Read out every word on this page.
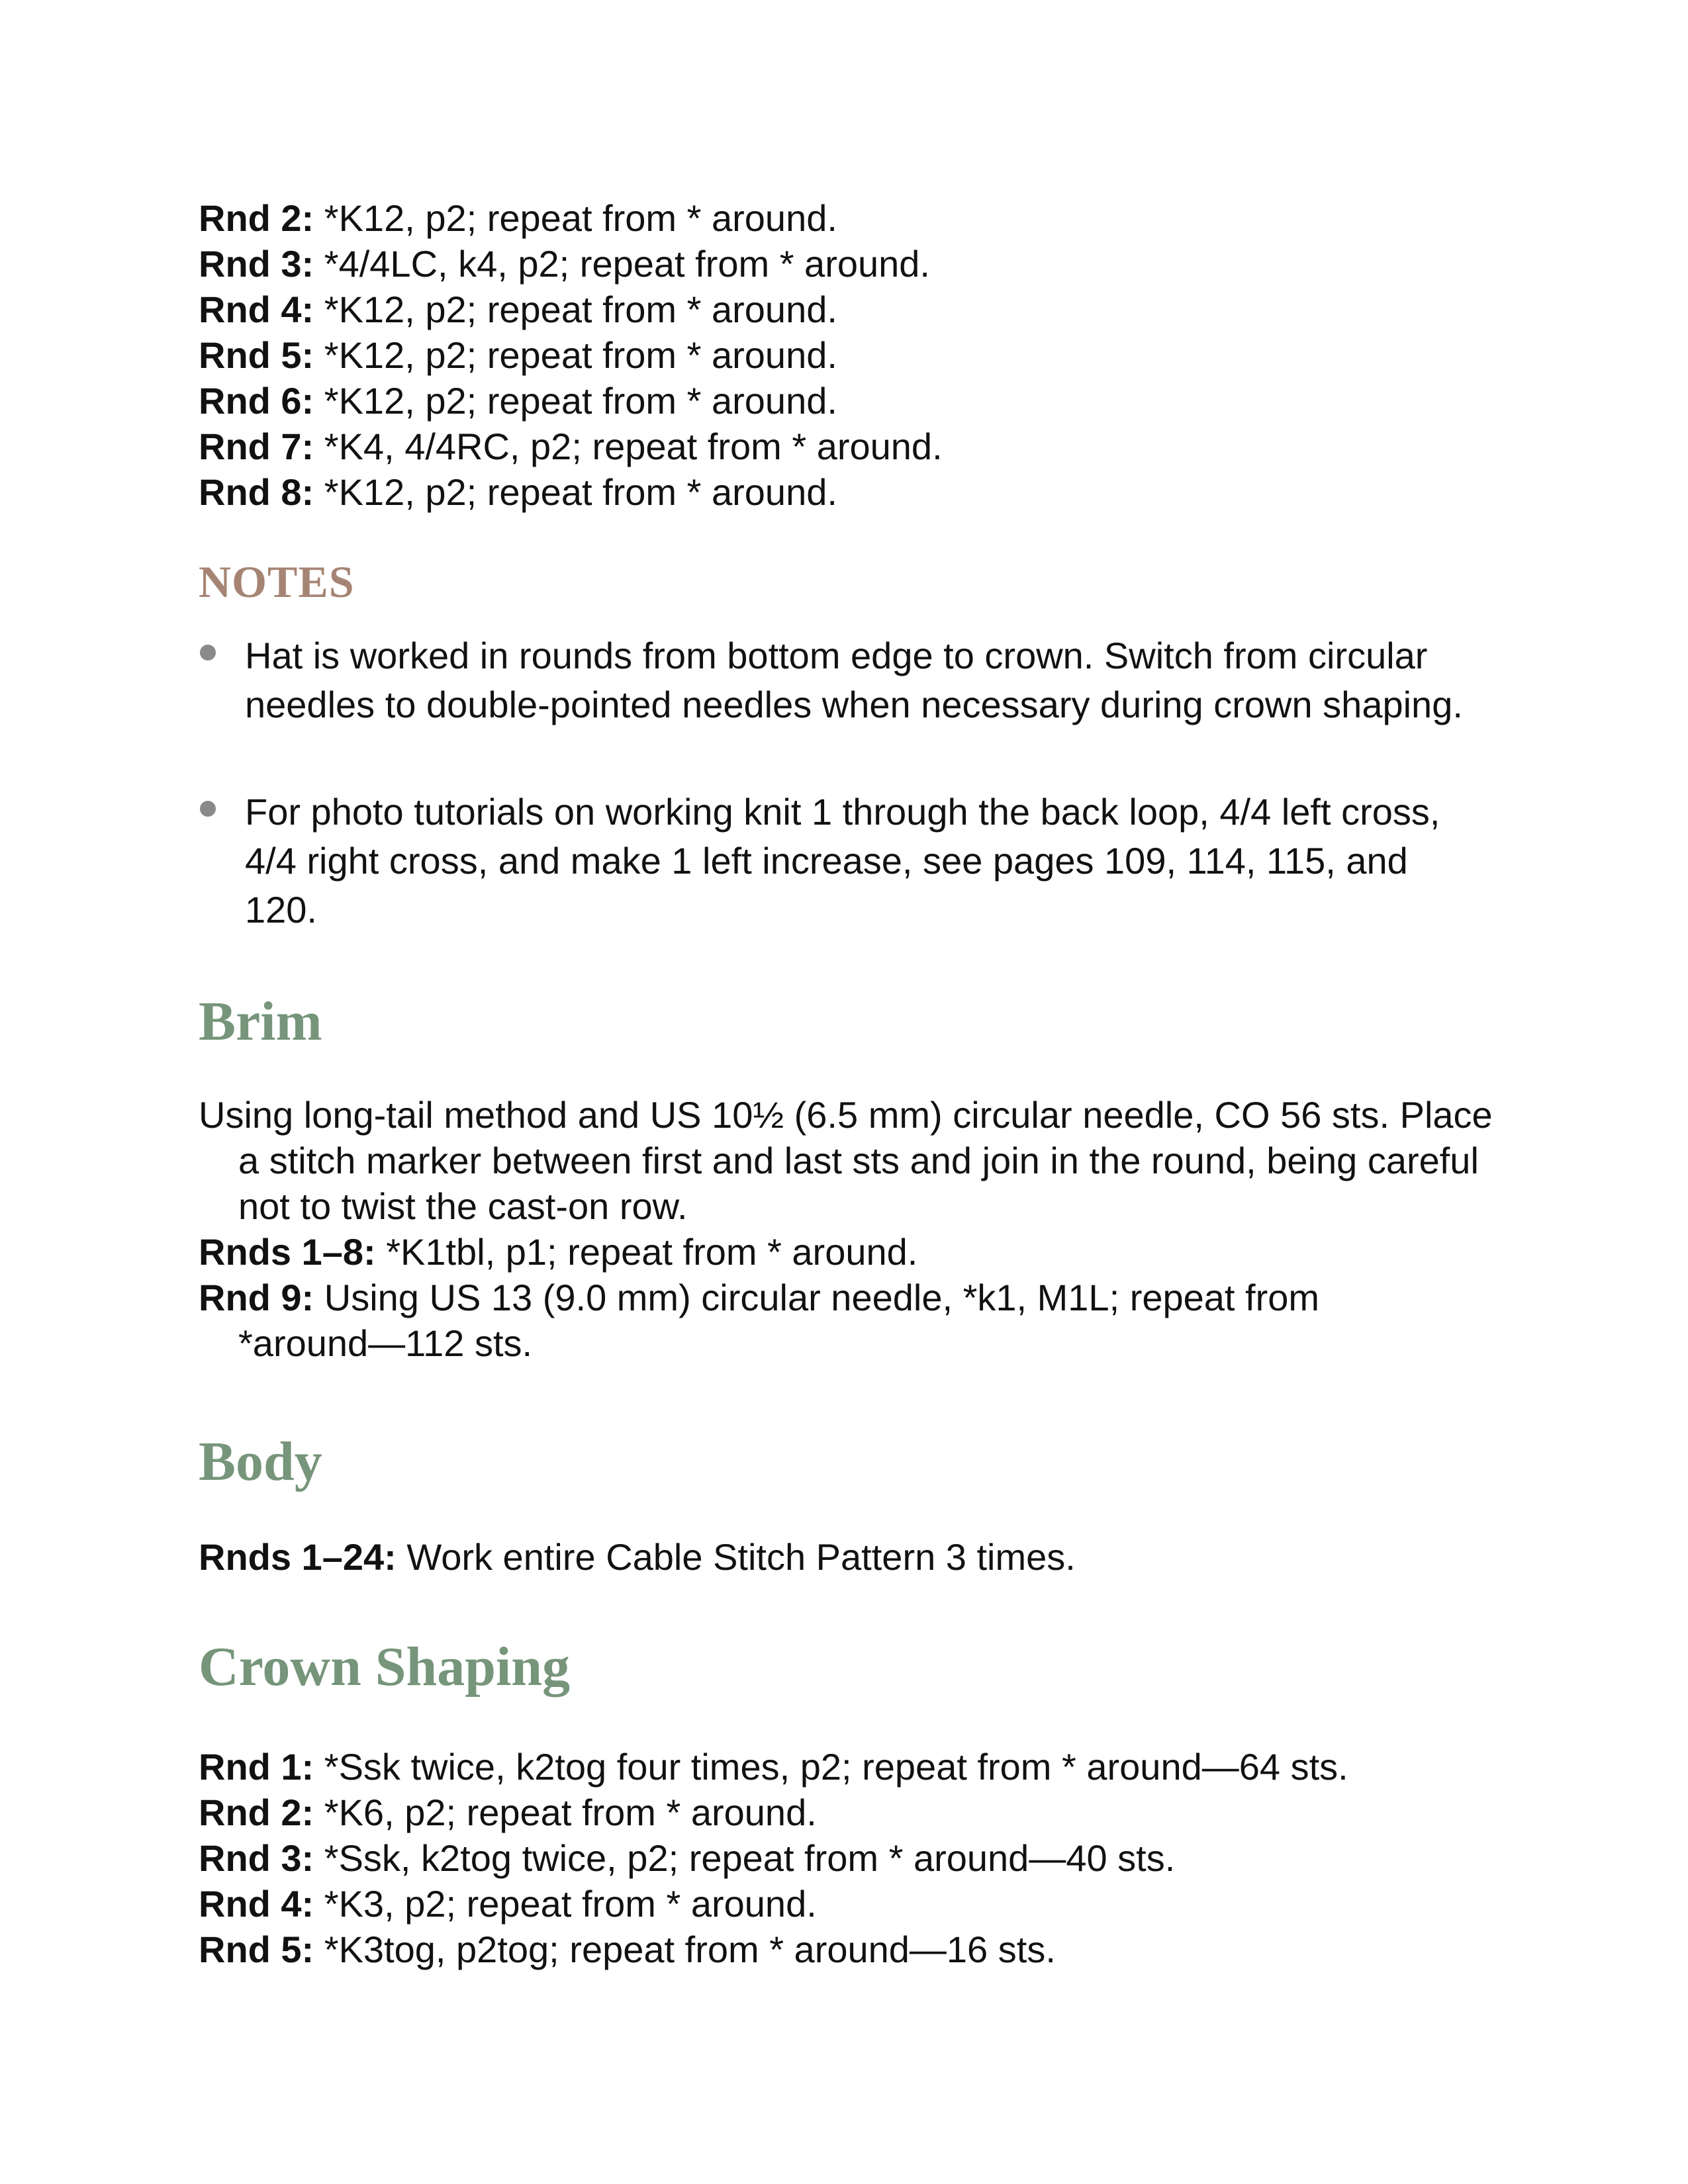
Rnd 2: *K12, p2; repeat from * around.
Rnd 3: *4/4LC, k4, p2; repeat from * around.
Rnd 4: *K12, p2; repeat from * around.
Rnd 5: *K12, p2; repeat from * around.
Rnd 6: *K12, p2; repeat from * around.
Rnd 7: *K4, 4/4RC, p2; repeat from * around.
Rnd 8: *K12, p2; repeat from * around.
NOTES
Hat is worked in rounds from bottom edge to crown. Switch from circular needles to double-pointed needles when necessary during crown shaping.
For photo tutorials on working knit 1 through the back loop, 4/4 left cross, 4/4 right cross, and make 1 left increase, see pages 109, 114, 115, and 120.
Brim
Using long-tail method and US 10½ (6.5 mm) circular needle, CO 56 sts. Place a stitch marker between first and last sts and join in the round, being careful not to twist the cast-on row.
Rnds 1–8: *K1tbl, p1; repeat from * around.
Rnd 9: Using US 13 (9.0 mm) circular needle, *k1, M1L; repeat from *around—112 sts.
Body
Rnds 1–24: Work entire Cable Stitch Pattern 3 times.
Crown Shaping
Rnd 1: *Ssk twice, k2tog four times, p2; repeat from * around—64 sts.
Rnd 2: *K6, p2; repeat from * around.
Rnd 3: *Ssk, k2tog twice, p2; repeat from * around—40 sts.
Rnd 4: *K3, p2; repeat from * around.
Rnd 5: *K3tog, p2tog; repeat from * around—16 sts.
